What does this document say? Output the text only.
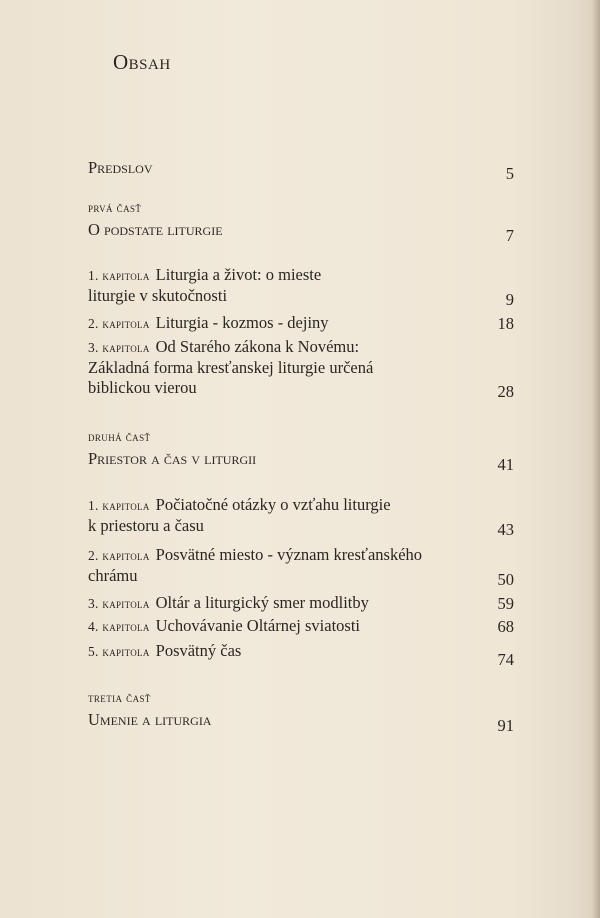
Obsah
Predslov	5
prvá časť
O podstate liturgie	7
1. kapitola Liturgia a život: o mieste
liturgie v skutočnosti	9
2. kapitola Liturgia - kozmos - dejiny	18
3. kapitola Od Starého zákona k Novému:
Základná forma kresťanskej liturgie určená
biblickou vierou	28
druhá časť
Priestor a čas v liturgii	41
1. kapitola Počiatočné otázky o vzťahu liturgie
k priestoru a času	43
2. kapitola Posvätné miesto - význam kresťanského
chrámu	50
3. kapitola Oltár a liturgický smer modlitby	59
4. kapitola Uchovávanie Oltárnej sviatosti	68
5. kapitola Posvätný čas	74
tretia časť
Umenie a liturgia	91
